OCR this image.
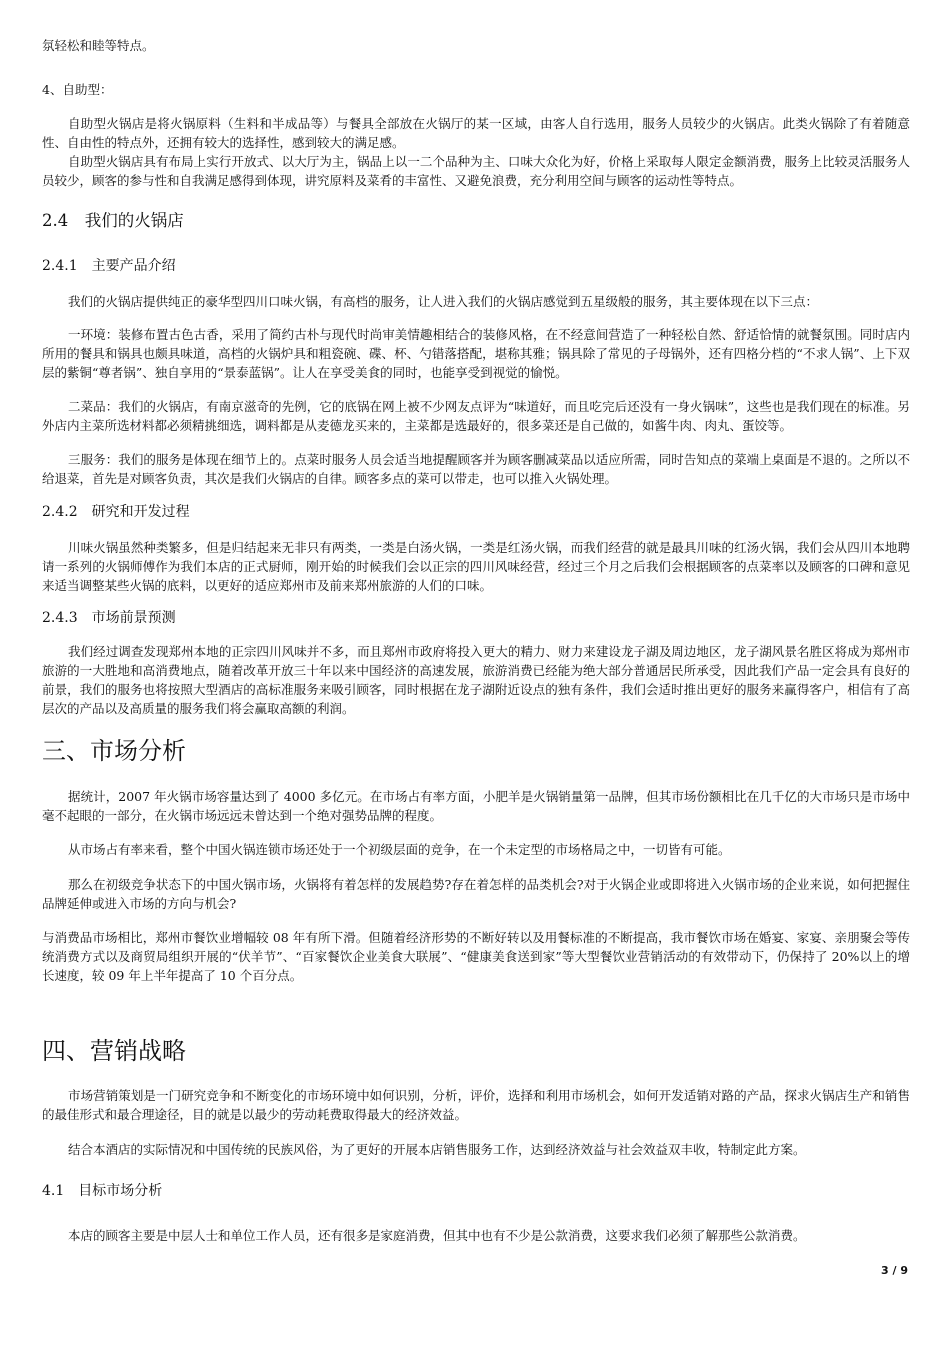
氛轻松和睦等特点。

4、自助型：

自助型火锅店是将火锅原料（生料和半成品等）与餐具全部放在火锅厅的某一区域，由客人自行选用，服务人员较少的火锅店。此类火锅除了有着随意性、自由性的特点外，还拥有较大的选择性，感到较大的满足感。

自助型火锅店具有布局上实行开放式、以大厅为主，锅品上以一二个品种为主、口味大众化为好，价格上采取每人限定金额消费，服务上比较灵活服务人员较少，顾客的参与性和自我满足感得到体现，讲究原料及菜肴的丰富性、又避免浪费，充分利用空间与顾客的运动性等特点。

2.4　我们的火锅店
2.4.1　主要产品介绍

我们的火锅店提供纯正的豪华型四川口味火锅，有高档的服务，让人进入我们的火锅店感觉到五星级般的服务，其主要体现在以下三点：

一环境：装修布置古色古香，采用了简约古朴与现代时尚审美情趣相结合的装修风格，在不经意间营造了一种轻松自然、舒适恰情的就餐氛围。同时店内所用的餐具和锅具也颇具味道，高档的火锅炉具和粗瓷碗、碟、杯、勺错落搭配，堪称其雅；锅具除了常见的子母锅外，还有四格分档的“不求人锅”、上下双层的紫铜“尊者锅”、独自享用的“景泰蓝锅”。让人在享受美食的同时，也能享受到视觉的愉悦。

二菜品：我们的火锅店，有南京滋奇的先例，它的底锅在网上被不少网友点评为“味道好，而且吃完后还没有一身火锅味”，这些也是我们现在的标准。另外店内主菜所选材料都必须精挑细选，调料都是从麦德龙买来的，主菜都是选最好的，很多菜还是自己做的，如酱牛肉、肉丸、蛋饺等。

三服务：我们的服务是体现在细节上的。点菜时服务人员会适当地提醒顾客并为顾客删减菜品以适应所需，同时告知点的菜端上桌面是不退的。之所以不给退菜，首先是对顾客负责，其次是我们火锅店的自律。顾客多点的菜可以带走，也可以推入火锅处理。

2.4.2　研究和开发过程

川味火锅虽然种类繁多，但是归结起来无非只有两类，一类是白汤火锅，一类是红汤火锅，而我们经营的就是最具川味的红汤火锅，我们会从四川本地聘请一系列的火锅师傅作为我们本店的正式厨师，刚开始的时候我们会以正宗的四川风味经营，经过三个月之后我们会根据顾客的点菜率以及顾客的口碑和意见来适当调整某些火锅的底料，以更好的适应郑州市及前来郑州旅游的人们的口味。

2.4.3　市场前景预测

我们经过调查发现郑州本地的正宗四川风味并不多，而且郑州市政府将投入更大的精力、财力来建设龙子湖及周边地区，龙子湖风景名胜区将成为郑州市旅游的一大胜地和高消费地点，随着改革开放三十年以来中国经济的高速发展，旅游消费已经能为绝大部分普通居民所承受，因此我们产品一定会具有良好的前景，我们的服务也将按照大型酒店的高标准服务来吸引顾客，同时根据在龙子湖附近设点的独有条件，我们会适时推出更好的服务来赢得客户，相信有了高层次的产品以及高质量的服务我们将会赢取高额的利润。

三、市场分析

据统计，2007 年火锅市场容量达到了 4000 多亿元。在市场占有率方面，小肥羊是火锅销量第一品牌，但其市场份额相比在几千亿的大市场只是市场中毫不起眼的一部分，在火锅市场远远未曾达到一个绝对强势品牌的程度。

从市场占有率来看，整个中国火锅连锁市场还处于一个初级层面的竞争，在一个未定型的市场格局之中，一切皆有可能。

那么在初级竞争状态下的中国火锅市场，火锅将有着怎样的发展趋势?存在着怎样的品类机会?对于火锅企业或即将进入火锅市场的企业来说，如何把握住品牌延伸或进入市场的方向与机会?

与消费品市场相比，郑州市餐饮业增幅较 08 年有所下滑。但随着经济形势的不断好转以及用餐标准的不断提高，我市餐饮市场在婚宴、家宴、亲朋聚会等传统消费方式以及商贸局组织开展的“伏羊节”、“百家餐饮企业美食大联展”、“健康美食送到家”等大型餐饮业营销活动的有效带动下，仍保持了 20%以上的增长速度，较 09 年上半年提高了 10 个百分点。

四、营销战略

市场营销策划是一门研究竞争和不断变化的市场环境中如何识别，分析，评价，选择和利用市场机会，如何开发适销对路的产品，探求火锅店生产和销售的最佳形式和最合理途径，目的就是以最少的劳动耗费取得最大的经济效益。

结合本酒店的实际情况和中国传统的民族风俗，为了更好的开展本店销售服务工作，达到经济效益与社会效益双丰收，特制定此方案。

4.1　目标市场分析

本店的顾客主要是中层人士和单位工作人员，还有很多是家庭消费，但其中也有不少是公款消费，这要求我们必须了解那些公款消费。

3 / 9
